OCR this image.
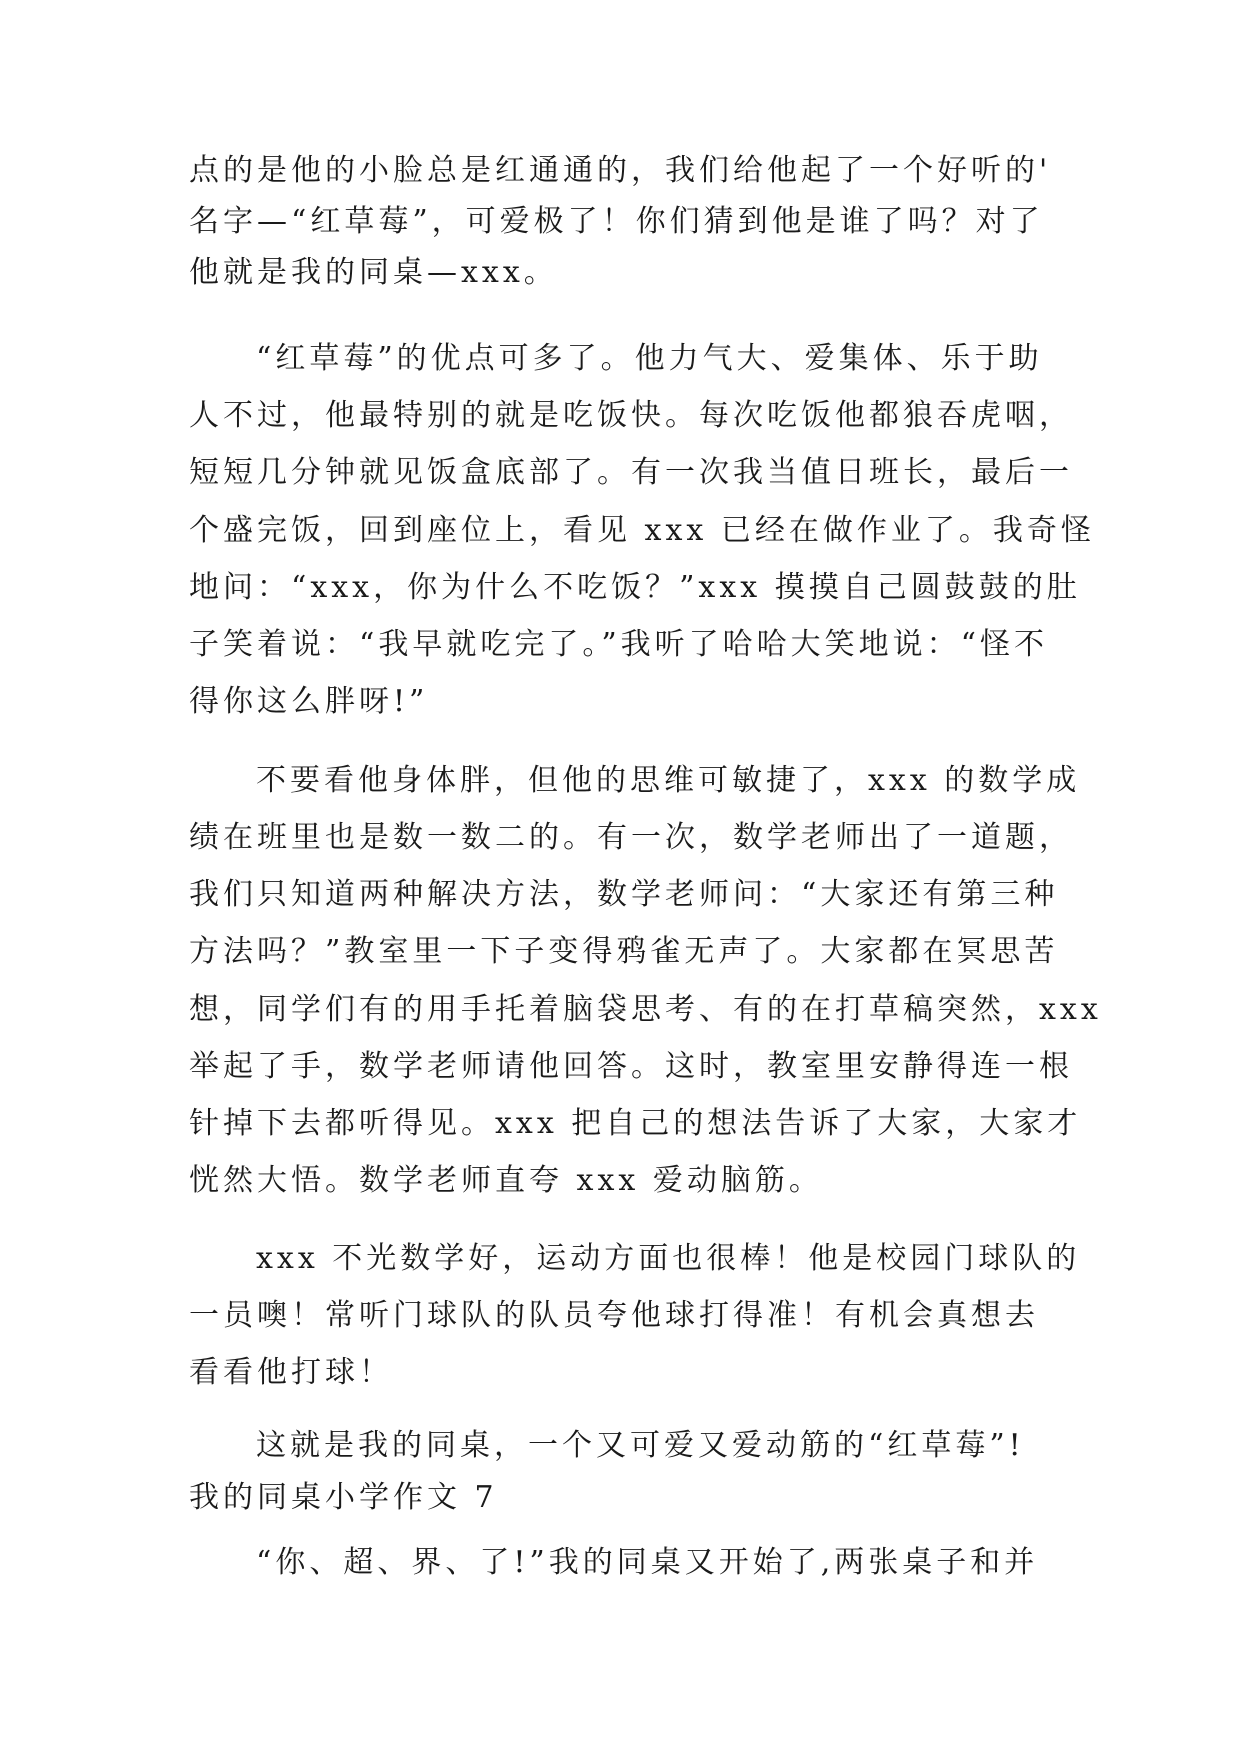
点的是他的小脸总是红通通的，我们给他起了一个好听的'
名字—“红草莓”，可爱极了！你们猜到他是谁了吗？对了
他就是我的同桌—xxx。
“红草莓”的优点可多了。他力气大、爱集体、乐于助
人不过，他最特别的就是吃饭快。每次吃饭他都狼吞虎咽，
短短几分钟就见饭盒底部了。有一次我当值日班长，最后一
个盛完饭，回到座位上，看见 xxx 已经在做作业了。我奇怪
地问：“xxx，你为什么不吃饭？”xxx 摸摸自己圆鼓鼓的肚
子笑着说：“我早就吃完了。”我听了哈哈大笑地说：“怪不
得你这么胖呀!”
不要看他身体胖，但他的思维可敏捷了，xxx 的数学成
绩在班里也是数一数二的。有一次，数学老师出了一道题，
我们只知道两种解决方法，数学老师问：“大家还有第三种
方法吗？”教室里一下子变得鸦雀无声了。大家都在冥思苦
想，同学们有的用手托着脑袋思考、有的在打草稿突然，xxx
举起了手，数学老师请他回答。这时，教室里安静得连一根
针掉下去都听得见。xxx 把自己的想法告诉了大家，大家才
恍然大悟。数学老师直夸 xxx 爱动脑筋。
xxx 不光数学好，运动方面也很棒！他是校园门球队的
一员噢！常听门球队的队员夸他球打得准！有机会真想去
看看他打球！
这就是我的同桌，一个又可爱又爱动筋的“红草莓”!
我的同桌小学作文 7
“你、超、界、了!”我的同桌又开始了,两张桌子和并
